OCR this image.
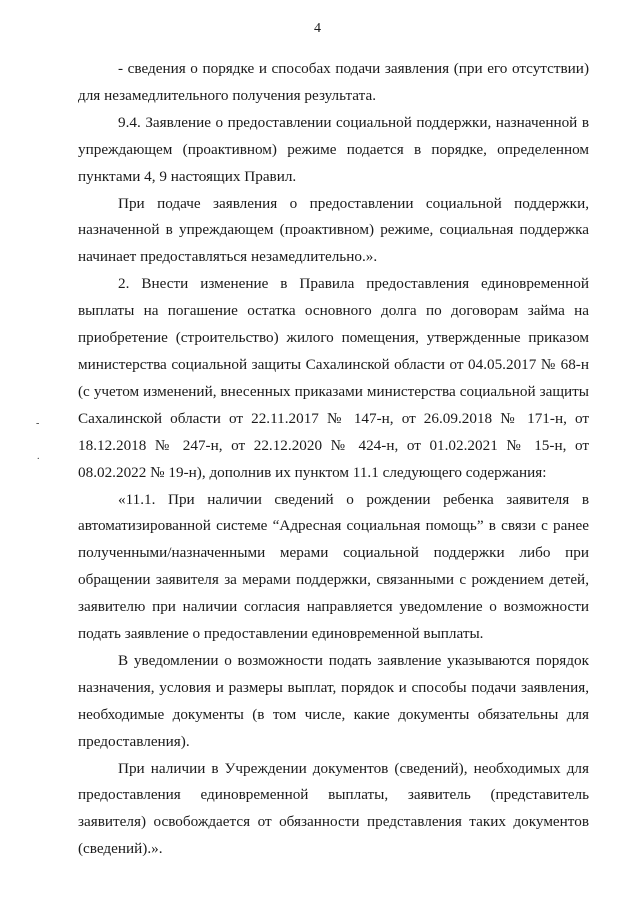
4

- сведения о порядке и способах подачи заявления (при его отсутствии) для незамедлительного получения результата.

9.4. Заявление о предоставлении социальной поддержки, назначенной в упреждающем (проактивном) режиме подается в порядке, определенном пунктами 4, 9 настоящих Правил.

При подаче заявления о предоставлении социальной поддержки, назначенной в упреждающем (проактивном) режиме, социальная поддержка начинает предоставляться незамедлительно.».

2. Внести изменение в Правила предоставления единовременной выплаты на погашение остатка основного долга по договорам займа на приобретение (строительство) жилого помещения, утвержденные приказом министерства социальной защиты Сахалинской области от 04.05.2017 № 68-н (с учетом изменений, внесенных приказами министерства социальной защиты Сахалинской области от 22.11.2017 № 147-н, от 26.09.2018 № 171-н, от 18.12.2018 № 247-н, от 22.12.2020 № 424-н, от 01.02.2021 № 15-н, от 08.02.2022 № 19-н), дополнив их пунктом 11.1 следующего содержания:

«11.1. При наличии сведений о рождении ребенка заявителя в автоматизированной системе “Адресная социальная помощь” в связи с ранее полученными/назначенными мерами социальной поддержки либо при обращении заявителя за мерами поддержки, связанными с рождением детей, заявителю при наличии согласия направляется уведомление о возможности подать заявление о предоставлении единовременной выплаты.

В уведомлении о возможности подать заявление указываются порядок назначения, условия и размеры выплат, порядок и способы подачи заявления, необходимые документы (в том числе, какие документы обязательны для предоставления).

При наличии в Учреждении документов (сведений), необходимых для предоставления единовременной выплаты, заявитель (представитель заявителя) освобождается от обязанности представления таких документов (сведений).».

-
.
